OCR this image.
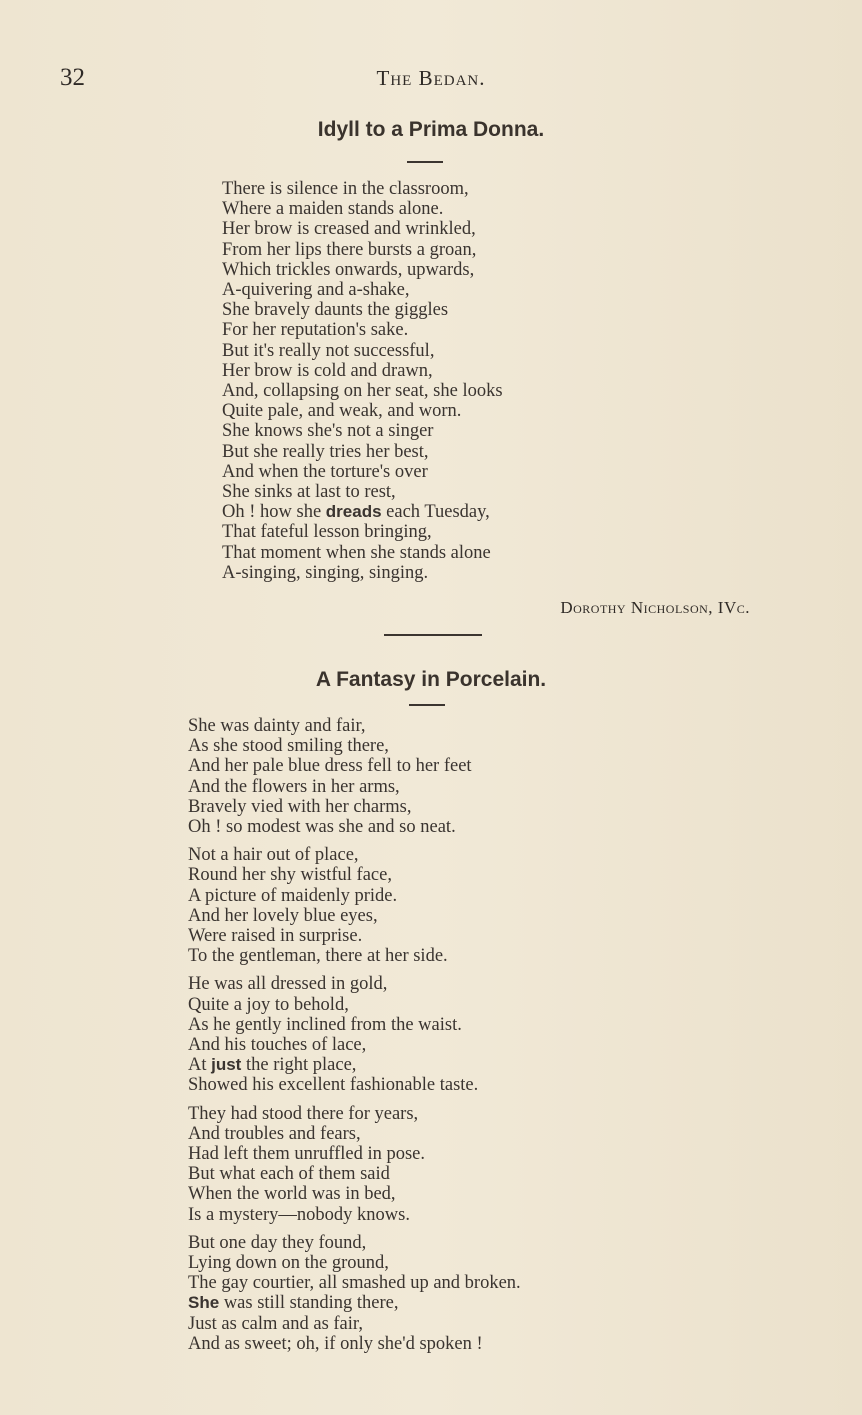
32	The Bedan.
Idyll to a Prima Donna.
There is silence in the classroom,
Where a maiden stands alone.
Her brow is creased and wrinkled,
From her lips there bursts a groan,
Which trickles onwards, upwards,
A-quivering and a-shake,
She bravely daunts the giggles
For her reputation's sake.
But it's really not successful,
Her brow is cold and drawn,
And, collapsing on her seat, she looks
Quite pale, and weak, and worn.
She knows she's not a singer
But she really tries her best,
And when the torture's over
She sinks at last to rest,
Oh ! how she dreads each Tuesday,
That fateful lesson bringing,
That moment when she stands alone
A-singing, singing, singing.
Dorothy Nicholson, IVc.
A Fantasy in Porcelain.
She was dainty and fair,
As she stood smiling there,
And her pale blue dress fell to her feet
And the flowers in her arms,
Bravely vied with her charms,
Oh ! so modest was she and so neat.
Not a hair out of place,
Round her shy wistful face,
A picture of maidenly pride.
And her lovely blue eyes,
Were raised in surprise.
To the gentleman, there at her side.
He was all dressed in gold,
Quite a joy to behold,
As he gently inclined from the waist.
And his touches of lace,
At just the right place,
Showed his excellent fashionable taste.
They had stood there for years,
And troubles and fears,
Had left them unruffled in pose.
But what each of them said
When the world was in bed,
Is a mystery—nobody knows.
But one day they found,
Lying down on the ground,
The gay courtier, all smashed up and broken.
She was still standing there,
Just as calm and as fair,
And as sweet; oh, if only she'd spoken !
